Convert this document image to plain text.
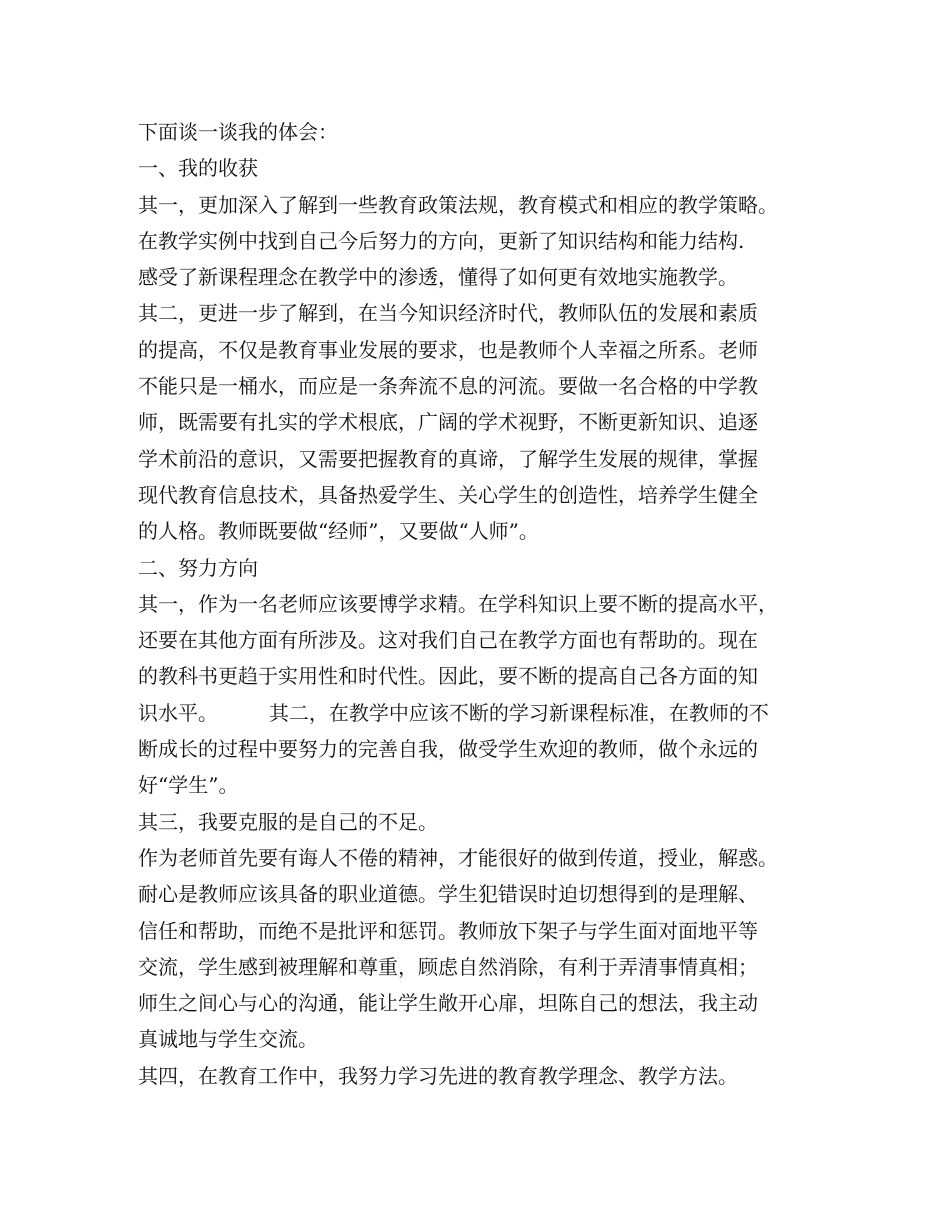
下面谈一谈我的体会：
一、我的收获
其一，更加深入了解到一些教育政策法规，教育模式和相应的教学策略。
在教学实例中找到自己今后努力的方向，更新了知识结构和能力结构.
感受了新课程理念在教学中的渗透，懂得了如何更有效地实施教学。
其二，更进一步了解到，在当今知识经济时代，教师队伍的发展和素质
的提高，不仅是教育事业发展的要求，也是教师个人幸福之所系。老师
不能只是一桶水，而应是一条奔流不息的河流。要做一名合格的中学教
师，既需要有扎实的学术根底，广阔的学术视野，不断更新知识、追逐
学术前沿的意识，又需要把握教育的真谛，了解学生发展的规律，掌握
现代教育信息技术，具备热爱学生、关心学生的创造性，培养学生健全
的人格。教师既要做“经师”，又要做“人师”。
二、努力方向
其一，作为一名老师应该要博学求精。在学科知识上要不断的提高水平，
还要在其他方面有所涉及。这对我们自己在教学方面也有帮助的。现在
的教科书更趋于实用性和时代性。因此，要不断的提高自己各方面的知
识水平。        其二，在教学中应该不断的学习新课程标准，在教师的不
断成长的过程中要努力的完善自我，做受学生欢迎的教师，做个永远的
好“学生”。
其三，我要克服的是自己的不足。
作为老师首先要有诲人不倦的精神，才能很好的做到传道，授业，解惑。
耐心是教师应该具备的职业道德。学生犯错误时迫切想得到的是理解、
信任和帮助，而绝不是批评和惩罚。教师放下架子与学生面对面地平等
交流，学生感到被理解和尊重，顾虑自然消除，有利于弄清事情真相；
师生之间心与心的沟通，能让学生敞开心扉，坦陈自己的想法，我主动
真诚地与学生交流。
其四，在教育工作中，我努力学习先进的教育教学理念、教学方法。
